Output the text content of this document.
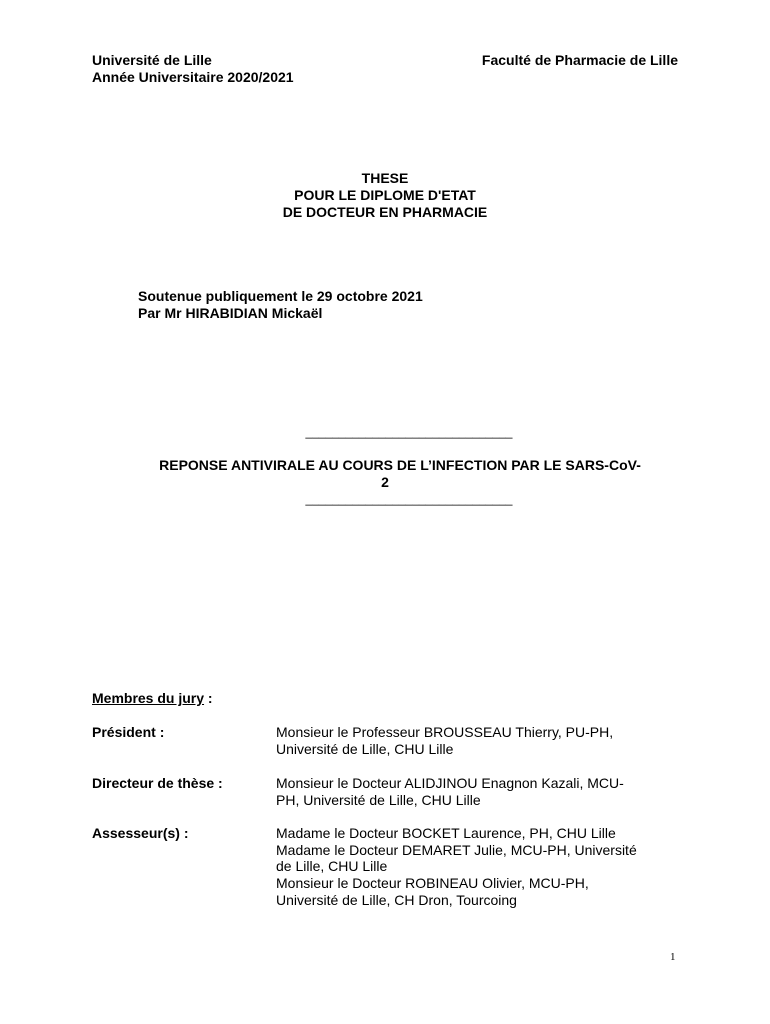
Université de Lille
Année Universitaire 2020/2021
Faculté de Pharmacie de Lille
THESE
POUR LE DIPLOME D'ETAT
DE DOCTEUR EN PHARMACIE
Soutenue publiquement le 29 octobre 2021
Par Mr HIRABIDIAN Mickaël
_______________________________
REPONSE ANTIVIRALE AU COURS DE L’INFECTION PAR LE SARS-CoV-
2
_______________________________
Membres du jury :
Président :	Monsieur le Professeur BROUSSEAU Thierry, PU-PH,
Université de Lille, CHU Lille
Directeur de thèse :	Monsieur le Docteur ALIDJINOU Enagnon Kazali, MCU-
PH, Université de Lille, CHU Lille
Assesseur(s) :	Madame le Docteur BOCKET Laurence, PH, CHU Lille
Madame le Docteur DEMARET Julie, MCU-PH, Université
de Lille, CHU Lille
Monsieur le Docteur ROBINEAU Olivier, MCU-PH,
Université de Lille, CH Dron, Tourcoing
1
